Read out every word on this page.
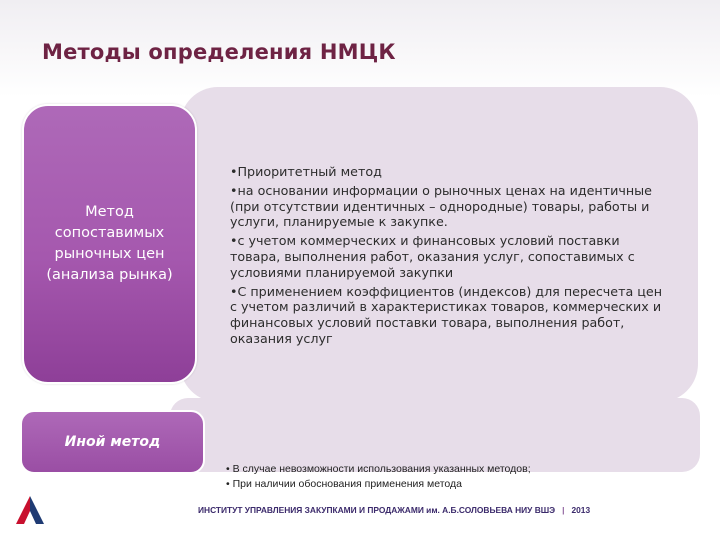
Методы определения НМЦК
Метод
сопоставимых
рыночных цен
(анализа рынка)
•Приоритетный метод
•на основании информации о рыночных ценах на идентичные (при отсутствии идентичных – однородные) товары, работы и услуги, планируемые к закупке.
•с учетом коммерческих и финансовых условий поставки товара, выполнения работ, оказания услуг, сопоставимых с условиями планируемой закупки
•С применением коэффициентов (индексов) для пересчета цен с учетом различий в характеристиках товаров, коммерческих и финансовых условий поставки товара, выполнения работ, оказания услуг
Иной метод
• В случае невозможности использования указанных методов;
• При наличии обоснования применения метода
ИНСТИТУТ УПРАВЛЕНИЯ ЗАКУПКАМИ И ПРОДАЖАМИ им. А.Б.СОЛОВЬЕВА НИУ ВШЭ | 2013
